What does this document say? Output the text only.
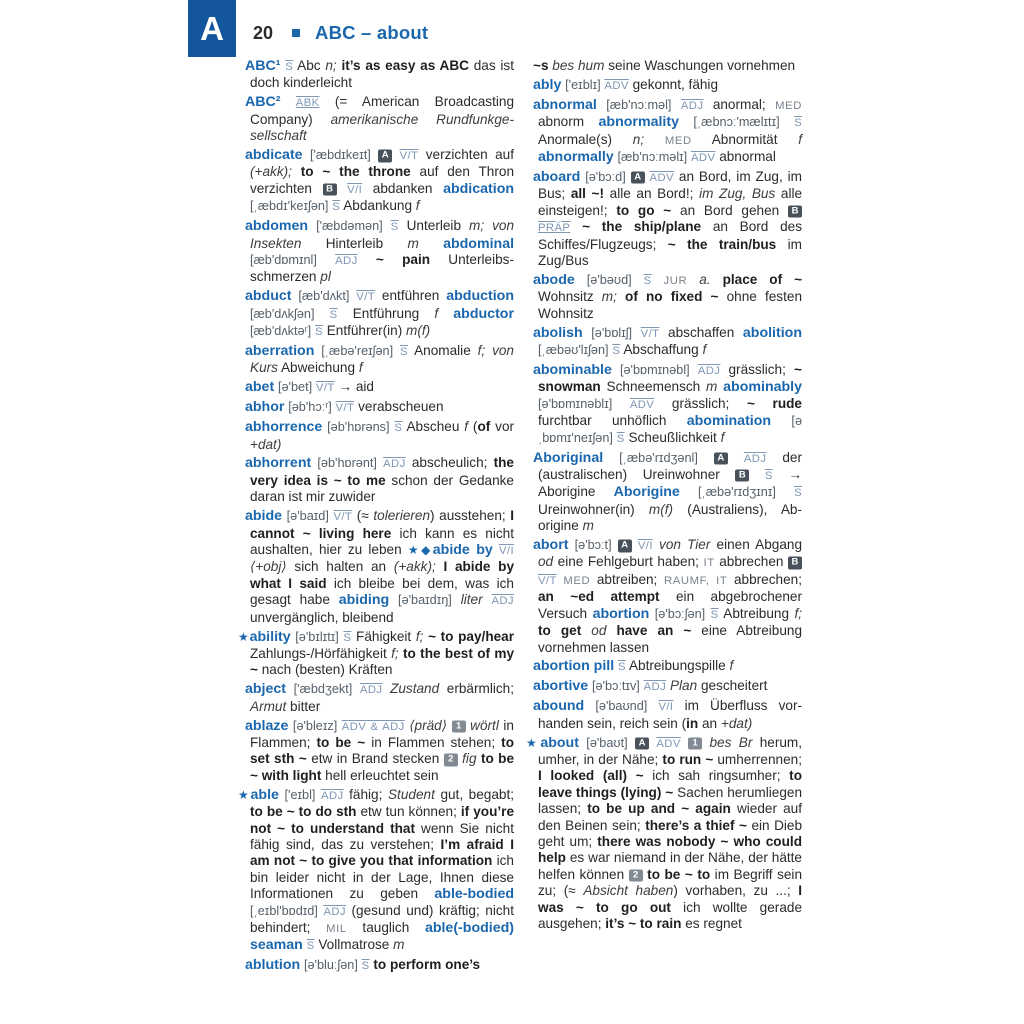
A	20 ABC – about

ABC¹ $\overline{S}$ Abc n; it’s as easy as ABC das ist doch kinderleicht

ABC² ABK (= American Broadcasting Company) amerikanische Rundfunkgesellschaft

abdicate ['æbdɪkeɪt] A V/T verzichten auf (+akk); to ~ the throne auf den Thron verzichten B V/I abdanken abdication [ˌæbdɪ'keɪʃən] $\overline{S}$ Abdankung f

abdomen ['æbdəmən] $\overline{S}$ Unterleib m; von Insekten Hinterleib m abdominal [æb'dɒmɪnl] $\overline{ADJ}$ ~ pain Unterleibsschmerzen pl

abduct [æb'dʌkt] V/T entführen abduction [æb'dʌkʃən] $\overline{S}$ Entführung f abductor [æb'dʌktəʳ] $\overline{S}$ Entführer(in) m(f)

aberration [ˌæbə'reɪʃən] $\overline{S}$ Anomalie f; von Kurs Abweichung f

abet [ə'bet] V/T → aid

abhor [əb'hɔːʳ] V/T verabscheuen

abhorrence [əb'hɒrəns] $\overline{S}$ Abscheu f (of vor +dat)

abhorrent [əb'hɒrənt] $\overline{ADJ}$ abscheulich; the very idea is ~ to me schon der Gedanke daran ist mir zuwider

abide [ə'baɪd] V/T (≈ tolerieren) ausstehen; I cannot ~ living here ich kann es nicht aushalten, hier zu leben ★◆abide by V/I ⟨+obj⟩ sich halten an (+akk); I abide by what I said ich bleibe bei dem, was ich gesagt habe abiding [ə'baɪdɪŋ] liter $\overline{ADJ}$ unvergänglich, bleibend

★ability [ə'bɪlɪtɪ] $\overline{S}$ Fähigkeit f; ~ to pay/hear Zahlungs-/Hörfähigkeit f; to the best of my ~ nach (besten) Kräften

abject ['æbdʒekt] $\overline{ADJ}$ Zustand erbärmlich; Armut bitter

ablaze [ə'bleɪz] ADV & ADJ ⟨präd⟩ 1 wörtl in Flammen; to be ~ in Flammen stehen; to set sth ~ etw in Brand stecken 2 fig to be ~ with light hell erleuchtet sein

★able ['eɪbl] $\overline{ADJ}$ fähig; Student gut, begabt; to be ~ to do sth etw tun können; if you’re not ~ to understand that wenn Sie nicht fähig sind, das zu verstehen; I’m afraid I am not ~ to give you that information ich bin leider nicht in der Lage, Ihnen diese Informationen zu geben able-bodied [ˌeɪbl'bɒdɪd] $\overline{ADJ}$ (gesund und) kräftig; nicht behindert; MIL tauglich able(-bodied) seaman $\overline{S}$ Vollmatrose m

ablution [ə'bluːʃən] $\overline{S}$ to perform one’s

~s bes hum seine Waschungen vornehmen

ably ['eɪblɪ] $\overline{ADV}$ gekonnt, fähig

abnormal [æb'nɔːməl] $\overline{ADJ}$ anormal; MED abnorm abnormality [ˌæbnɔː'mælɪtɪ] $\overline{S}$ Anormale(s) n; MED Abnormität f abnormally [æb'nɔːməlɪ] $\overline{ADV}$ abnormal

aboard [ə'bɔːd] A $\overline{ADV}$ an Bord, im Zug, im Bus; all ~! alle an Bord!; im Zug, Bus alle einsteigen!; to go ~ an Bord gehen B PRÄP ~ the ship/plane an Bord des Schiffes/Flugzeugs; ~ the train/bus im Zug/Bus

abode [ə'bəʊd] $\overline{S}$ JUR a. place of ~ Wohnsitz m; of no fixed ~ ohne festen Wohnsitz

abolish [ə'bɒlɪʃ] V/T abschaffen abolition [ˌæbəʊ'lɪʃən] $\overline{S}$ Abschaffung f

abominable [ə'bɒmɪnəbl] $\overline{ADJ}$ grässlich; ~ snowman Schneemensch m abominably [ə'bɒmɪnəblɪ] $\overline{ADV}$ grässlich; ~ rude furchtbar unhöflich abomination [əˌbɒmɪ'neɪʃən] $\overline{S}$ Scheußlichkeit f

Aboriginal [ˌæbə'rɪdʒənl] A $\overline{ADJ}$ der (australischen) Ureinwohner B $\overline{S}$ → Aborigine Aborigine [ˌæbə'rɪdʒɪnɪ] $\overline{S}$ Ureinwohner(in) m(f) (Australiens), Aborigine m

abort [ə'bɔːt] A V/I von Tier einen Abgang od eine Fehlgeburt haben; IT abbrechen B V/T MED abtreiben; RAUMF, IT abbrechen; an ~ed attempt ein abgebrochener Versuch abortion [ə'bɔːʃən] $\overline{S}$ Abtreibung f; to get od have an ~ eine Abtreibung vornehmen lassen

abortion pill $\overline{S}$ Abtreibungspille f

abortive [ə'bɔːtɪv] $\overline{ADJ}$ Plan gescheitert

abound [ə'baʊnd] V/I im Überfluss vorhanden sein, reich sein (in an +dat)

★about [ə'baʊt] A $\overline{ADV}$ 1 bes Br herum, umher, in der Nähe; to run ~ umherrennen; I looked (all) ~ ich sah ringsumher; to leave things (lying) ~ Sachen herumliegen lassen; to be up and ~ again wieder auf den Beinen sein; there’s a thief ~ ein Dieb geht um; there was nobody ~ who could help es war niemand in der Nähe, der hätte helfen können 2 to be ~ to im Begriff sein zu; (≈ Absicht haben) vorhaben, zu ...; I was ~ to go out ich wollte gerade ausgehen; it’s ~ to rain es regnet
